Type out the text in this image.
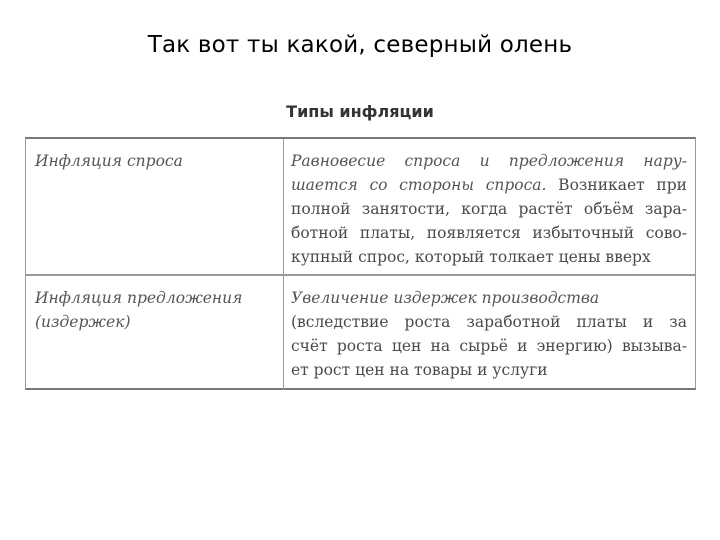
Так вот ты какой, северный олень
Типы инфляции
Инфляция спроса	Равновесие спроса и предложения нару-
шается со стороны спроса. Возникает при
полной занятости, когда растёт объём зара-
ботной платы, появляется избыточный сово-
купный спрос, который толкает цены вверх
Инфляция предложения
(издержек)
Увеличение издержек производства
(вследствие роста заработной платы и за
счёт роста цен на сырьё и энергию) вызыва-
ет рост цен на товары и услуги
